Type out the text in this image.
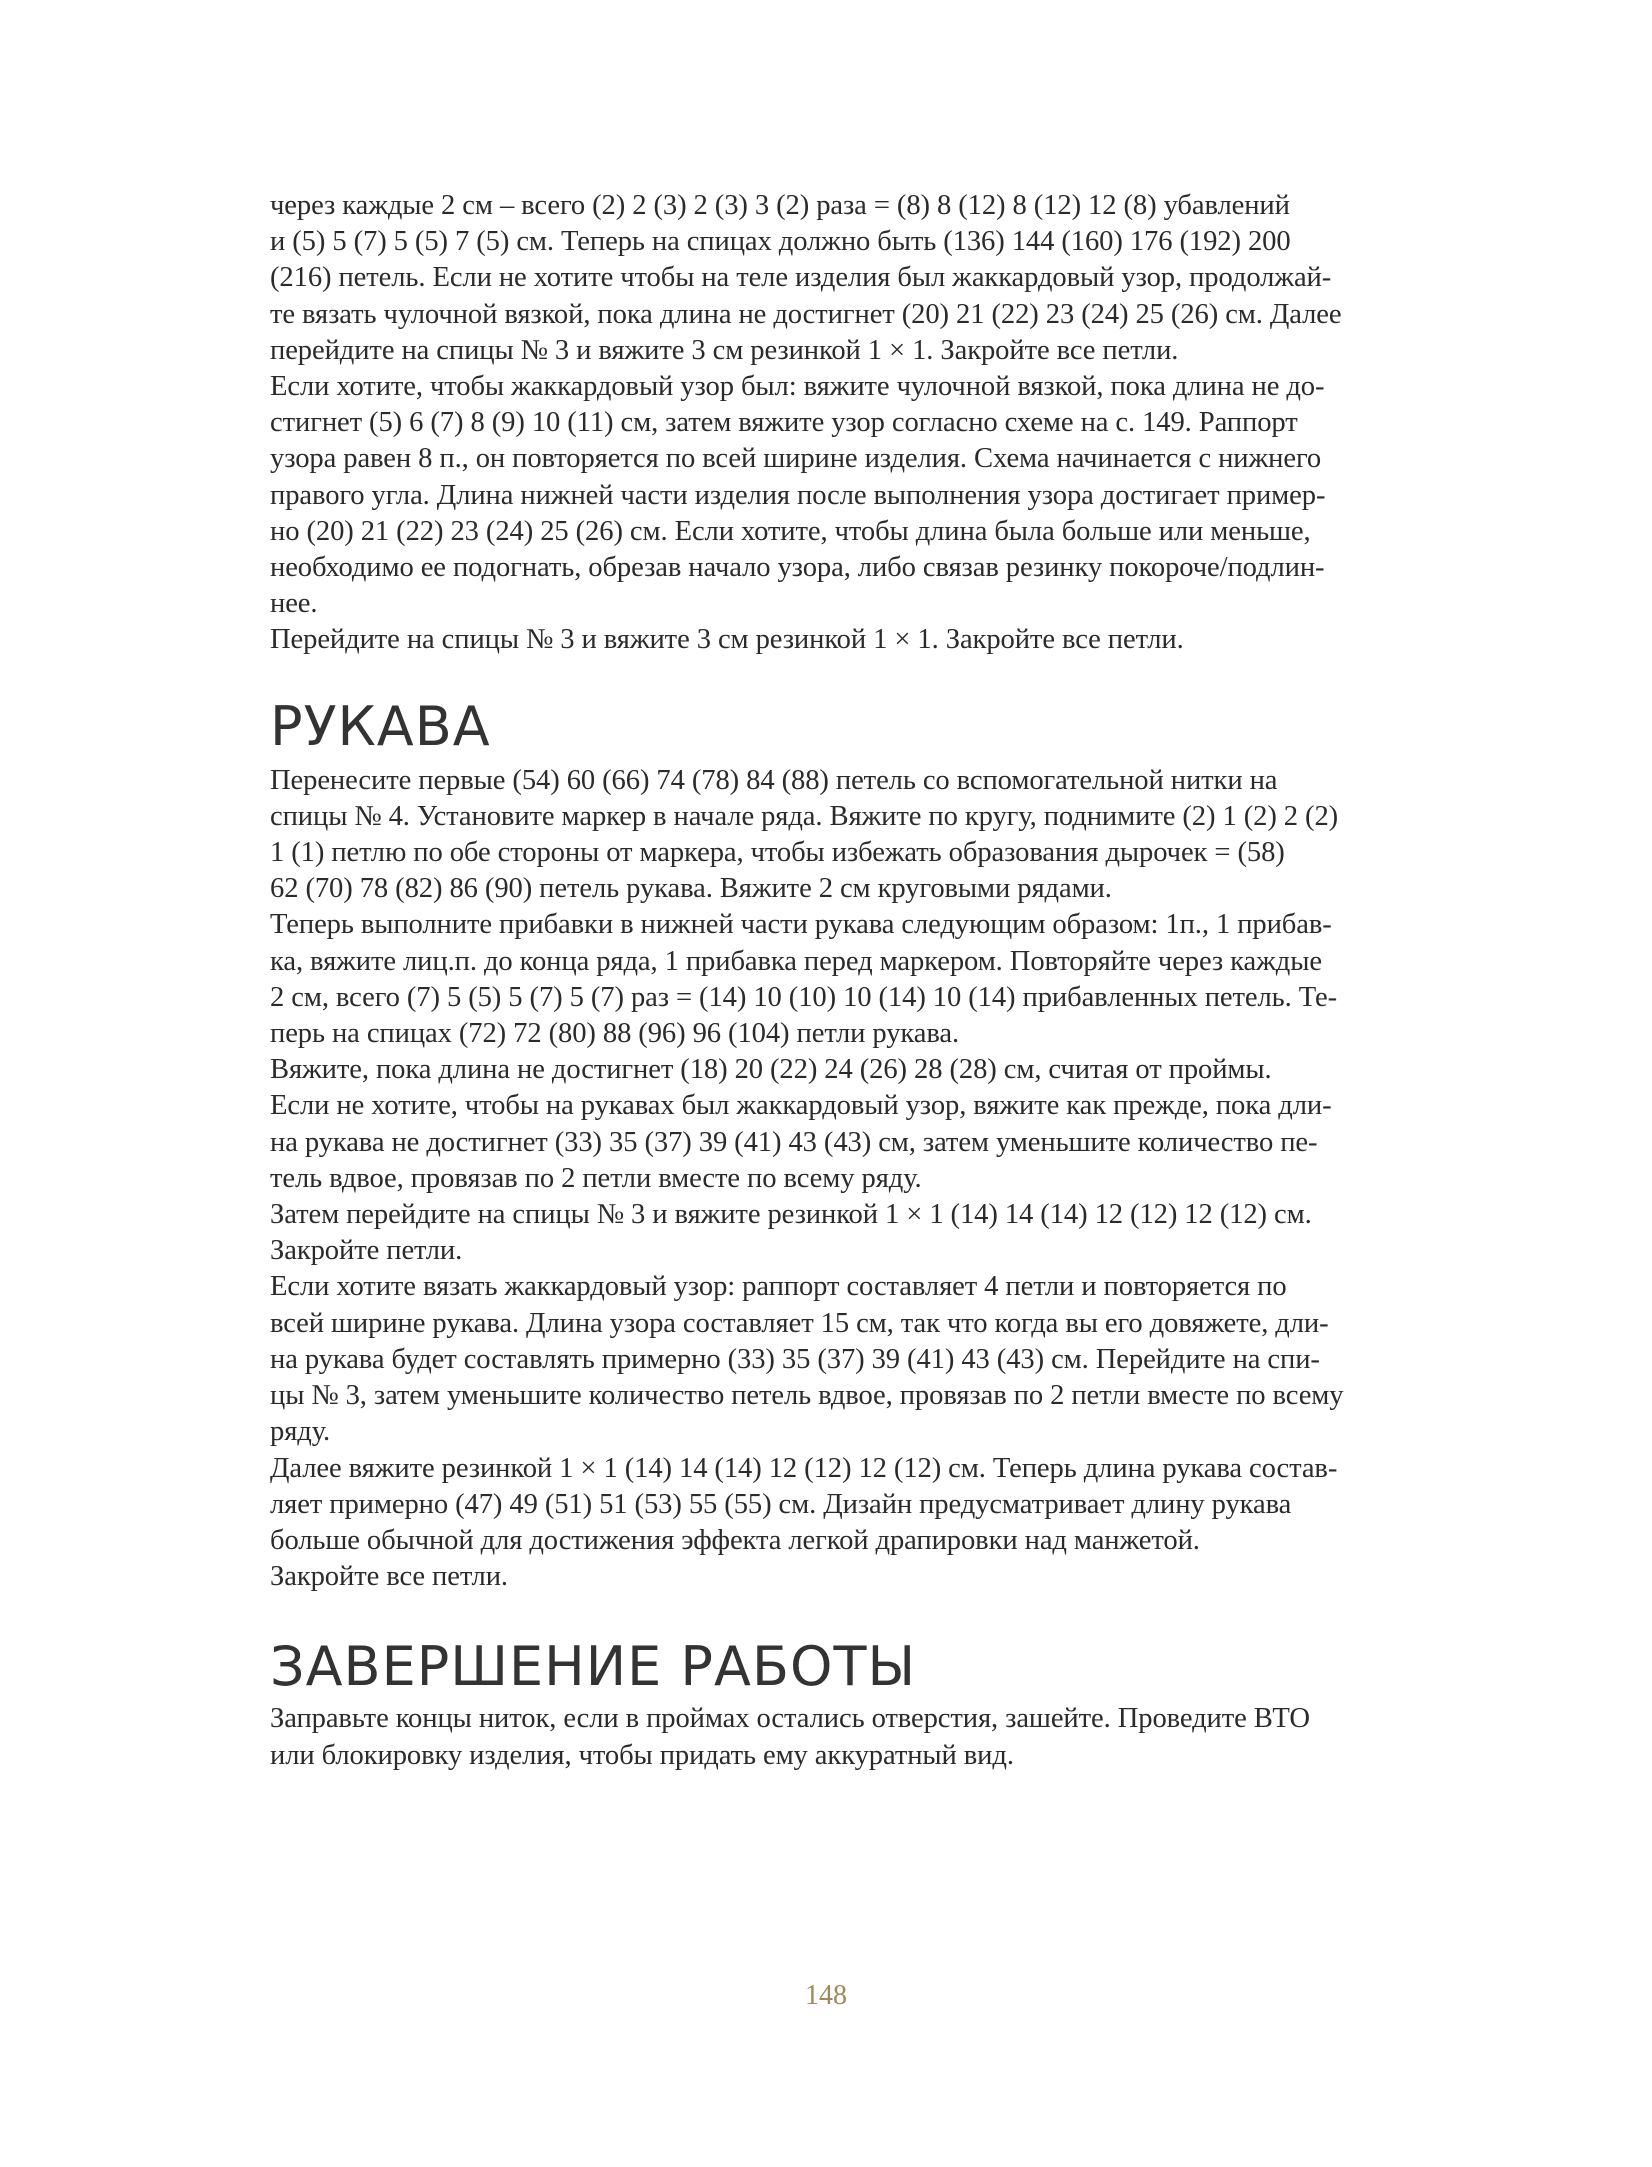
через каждые 2 см – всего (2) 2 (3) 2 (3) 3 (2) раза = (8) 8 (12) 8 (12) 12 (8) убавлений
и (5) 5 (7) 5 (5) 7 (5) см. Теперь на спицах должно быть (136) 144 (160) 176 (192) 200
(216) петель. Если не хотите чтобы на теле изделия был жаккардовый узор, продолжай-
те вязать чулочной вязкой, пока длина не достигнет (20) 21 (22) 23 (24) 25 (26) см. Далее
перейдите на спицы № 3 и вяжите 3 см резинкой 1 × 1. Закройте все петли.
Если хотите, чтобы жаккардовый узор был: вяжите чулочной вязкой, пока длина не до-
стигнет (5) 6 (7) 8 (9) 10 (11) см, затем вяжите узор согласно схеме на с. 149. Раппорт
узора равен 8 п., он повторяется по всей ширине изделия. Схема начинается с нижнего
правого угла. Длина нижней части изделия после выполнения узора достигает пример-
но (20) 21 (22) 23 (24) 25 (26) см. Если хотите, чтобы длина была больше или меньше,
необходимо ее подогнать, обрезав начало узора, либо связав резинку покороче/подлин-
нее.
Перейдите на спицы № 3 и вяжите 3 см резинкой 1 × 1. Закройте все петли.
РУКАВА
Перенесите первые (54) 60 (66) 74 (78) 84 (88) петель со вспомогательной нитки на
спицы № 4. Установите маркер в начале ряда. Вяжите по кругу, поднимите (2) 1 (2) 2 (2)
1 (1) петлю по обе стороны от маркера, чтобы избежать образования дырочек = (58)
62 (70) 78 (82) 86 (90) петель рукава. Вяжите 2 см круговыми рядами.
Теперь выполните прибавки в нижней части рукава следующим образом: 1п., 1 прибав-
ка, вяжите лиц.п. до конца ряда, 1 прибавка перед маркером. Повторяйте через каждые
2 см, всего (7) 5 (5) 5 (7) 5 (7) раз = (14) 10 (10) 10 (14) 10 (14) прибавленных петель. Те-
перь на спицах (72) 72 (80) 88 (96) 96 (104) петли рукава.
Вяжите, пока длина не достигнет (18) 20 (22) 24 (26) 28 (28) см, считая от проймы.
Если не хотите, чтобы на рукавах был жаккардовый узор, вяжите как прежде, пока дли-
на рукава не достигнет (33) 35 (37) 39 (41) 43 (43) см, затем уменьшите количество пе-
тель вдвое, провязав по 2 петли вместе по всему ряду.
Затем перейдите на спицы № 3 и вяжите резинкой 1 × 1 (14) 14 (14) 12 (12) 12 (12) см.
Закройте петли.
Если хотите вязать жаккардовый узор: раппорт составляет 4 петли и повторяется по
всей ширине рукава. Длина узора составляет 15 см, так что когда вы его довяжете, дли-
на рукава будет составлять примерно (33) 35 (37) 39 (41) 43 (43) см. Перейдите на спи-
цы № 3, затем уменьшите количество петель вдвое, провязав по 2 петли вместе по всему
ряду.
Далее вяжите резинкой 1 × 1 (14) 14 (14) 12 (12) 12 (12) см. Теперь длина рукава состав-
ляет примерно (47) 49 (51) 51 (53) 55 (55) см. Дизайн предусматривает длину рукава
больше обычной для достижения эффекта легкой драпировки над манжетой.
Закройте все петли.
ЗАВЕРШЕНИЕ РАБОТЫ
Заправьте концы ниток, если в проймах остались отверстия, зашейте. Проведите ВТО
или блокировку изделия, чтобы придать ему аккуратный вид.
148
